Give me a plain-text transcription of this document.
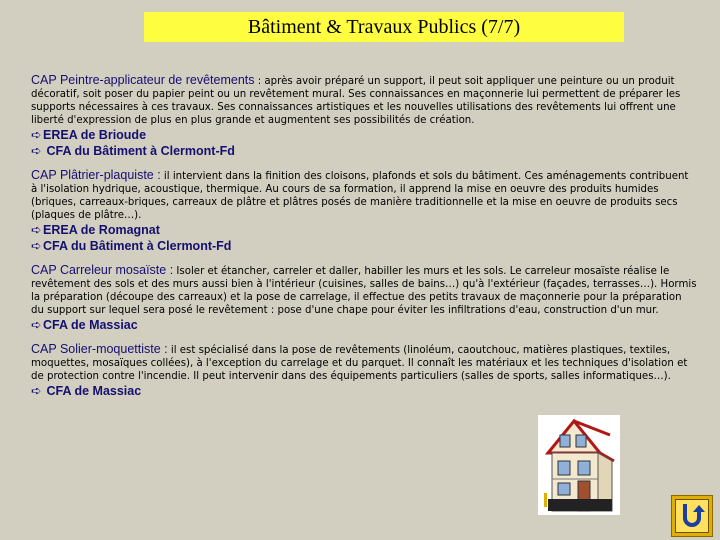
Bâtiment & Travaux Publics (7/7)
CAP Peintre-applicateur de revêtements : après avoir préparé un support, il peut soit appliquer une peinture ou un produit décoratif, soit poser du papier peint ou un revêtement mural. Ses connaissances en maçonnerie lui permettent de préparer les supports nécessaires à ces travaux. Ses connaissances artistiques et les nouvelles utilisations des revêtements lui offrent une liberté d'expression de plus en plus grande et augmentent ses possibilités de création.
➪ EREA de Brioude
➪ CFA du Bâtiment à Clermont-Fd
CAP Plâtrier-plaquiste : il intervient dans la finition des cloisons, plafonds et sols du bâtiment. Ces aménagements contribuent à l'isolation hydrique, acoustique, thermique. Au cours de sa formation, il apprend la mise en oeuvre des produits humides (briques, carreaux-briques, carreaux de plâtre et plâtres posés de manière traditionnelle et la mise en oeuvre de produits secs (plaques de plâtre…).
➪ EREA de Romagnat
➪ CFA du Bâtiment à Clermont-Fd
CAP Carreleur mosaïste : Isoler et étancher, carreler et daller, habiller les murs et les sols. Le carreleur mosaïste réalise le revêtement des sols et des murs aussi bien à l'intérieur (cuisines, salles de bains…) qu'à l'extérieur (façades, terrasses…). Hormis la préparation (découpe des carreaux) et la pose de carrelage, il effectue des petits travaux de maçonnerie pour la préparation du support sur lequel sera posé le revêtement : pose d'une chape pour éviter les infiltrations d'eau, construction d'un mur.
➪ CFA de Massiac
CAP Solier-moquettiste : il est spécialisé dans la pose de revêtements (linoléum, caoutchouc, matières plastiques, textiles, moquettes, mosaïques collées), à l'exception du carrelage et du parquet. Il connaît les matériaux et les techniques d'isolation et de protection contre l'incendie. Il peut intervenir dans des équipements particuliers (salles de sports, salles informatiques…).
➪ CFA de Massiac
